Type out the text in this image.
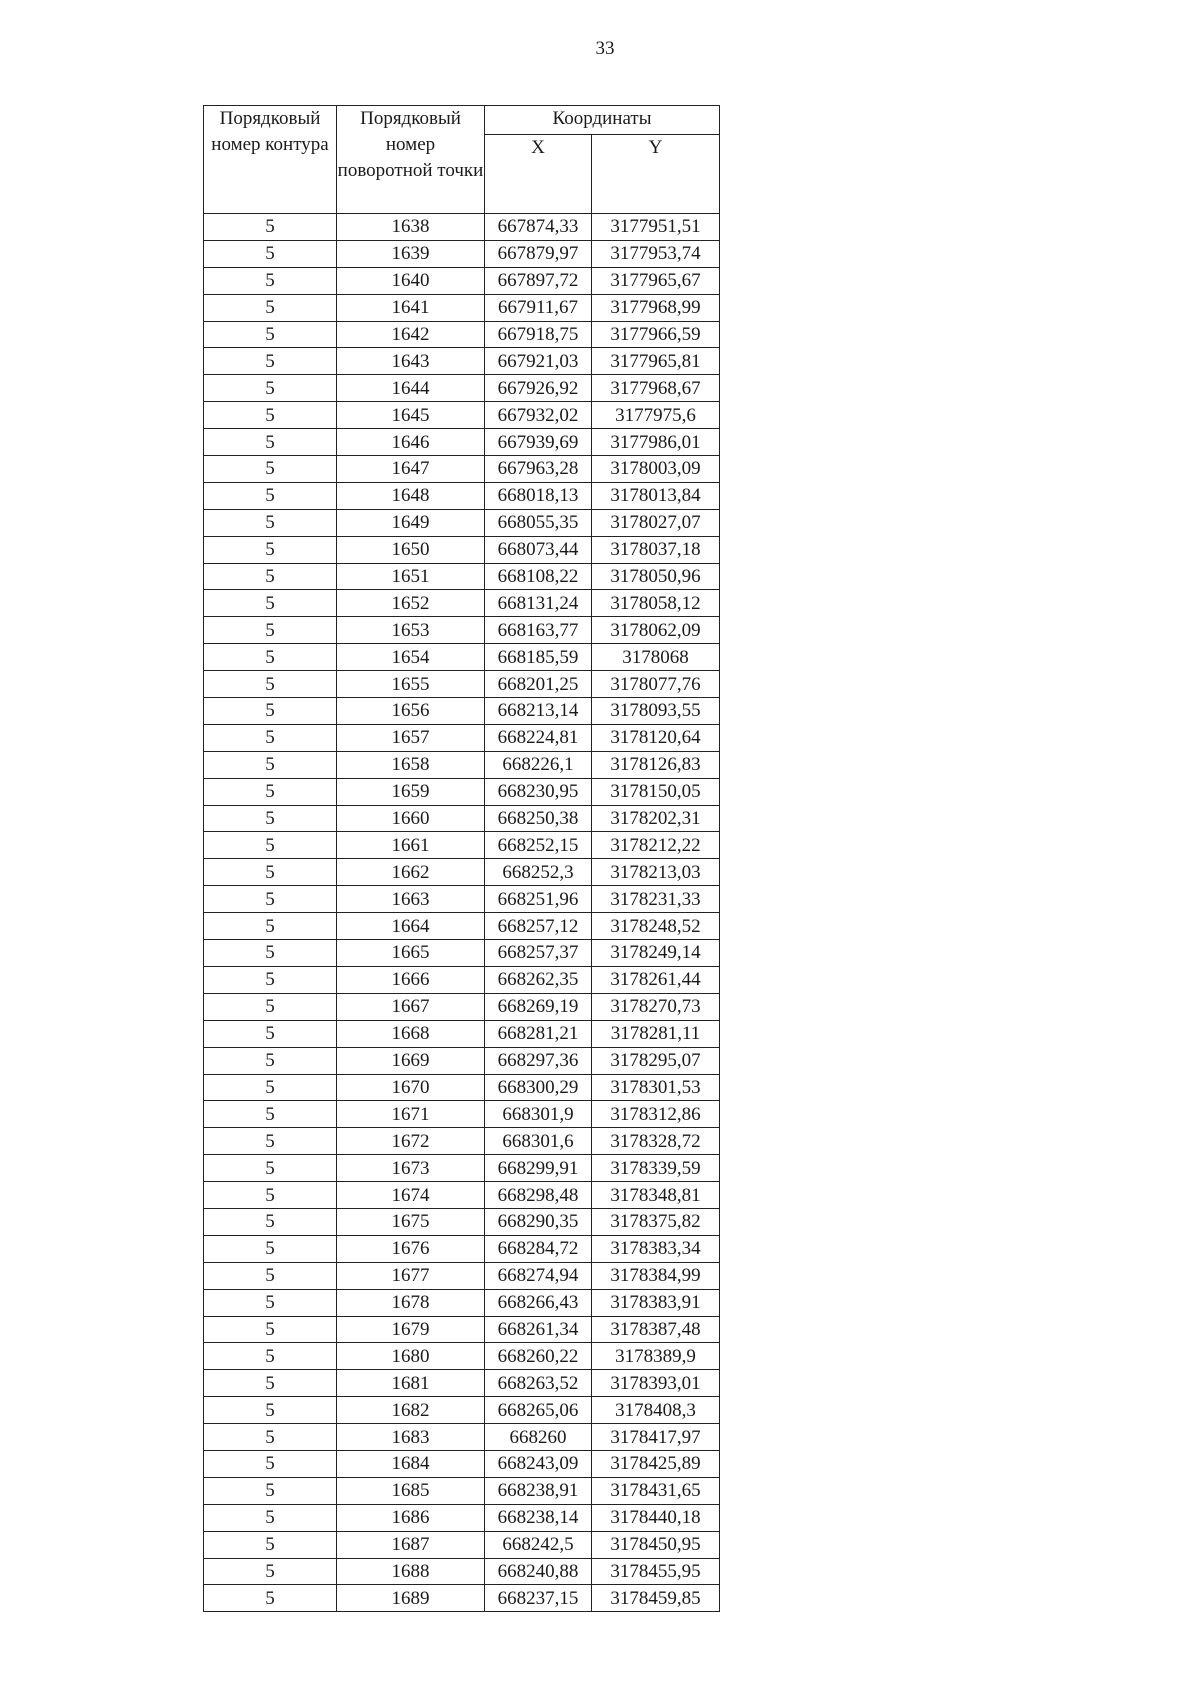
33
Порядковый номер контура	Порядковый номер поворотной точки	Координаты	
		X	Y
5	1638	667874,33	3177951,51
5	1639	667879,97	3177953,74
5	1640	667897,72	3177965,67
5	1641	667911,67	3177968,99
5	1642	667918,75	3177966,59
5	1643	667921,03	3177965,81
5	1644	667926,92	3177968,67
5	1645	667932,02	3177975,6
5	1646	667939,69	3177986,01
5	1647	667963,28	3178003,09
5	1648	668018,13	3178013,84
5	1649	668055,35	3178027,07
5	1650	668073,44	3178037,18
5	1651	668108,22	3178050,96
5	1652	668131,24	3178058,12
5	1653	668163,77	3178062,09
5	1654	668185,59	3178068
5	1655	668201,25	3178077,76
5	1656	668213,14	3178093,55
5	1657	668224,81	3178120,64
5	1658	668226,1	3178126,83
5	1659	668230,95	3178150,05
5	1660	668250,38	3178202,31
5	1661	668252,15	3178212,22
5	1662	668252,3	3178213,03
5	1663	668251,96	3178231,33
5	1664	668257,12	3178248,52
5	1665	668257,37	3178249,14
5	1666	668262,35	3178261,44
5	1667	668269,19	3178270,73
5	1668	668281,21	3178281,11
5	1669	668297,36	3178295,07
5	1670	668300,29	3178301,53
5	1671	668301,9	3178312,86
5	1672	668301,6	3178328,72
5	1673	668299,91	3178339,59
5	1674	668298,48	3178348,81
5	1675	668290,35	3178375,82
5	1676	668284,72	3178383,34
5	1677	668274,94	3178384,99
5	1678	668266,43	3178383,91
5	1679	668261,34	3178387,48
5	1680	668260,22	3178389,9
5	1681	668263,52	3178393,01
5	1682	668265,06	3178408,3
5	1683	668260	3178417,97
5	1684	668243,09	3178425,89
5	1685	668238,91	3178431,65
5	1686	668238,14	3178440,18
5	1687	668242,5	3178450,95
5	1688	668240,88	3178455,95
5	1689	668237,15	3178459,85
